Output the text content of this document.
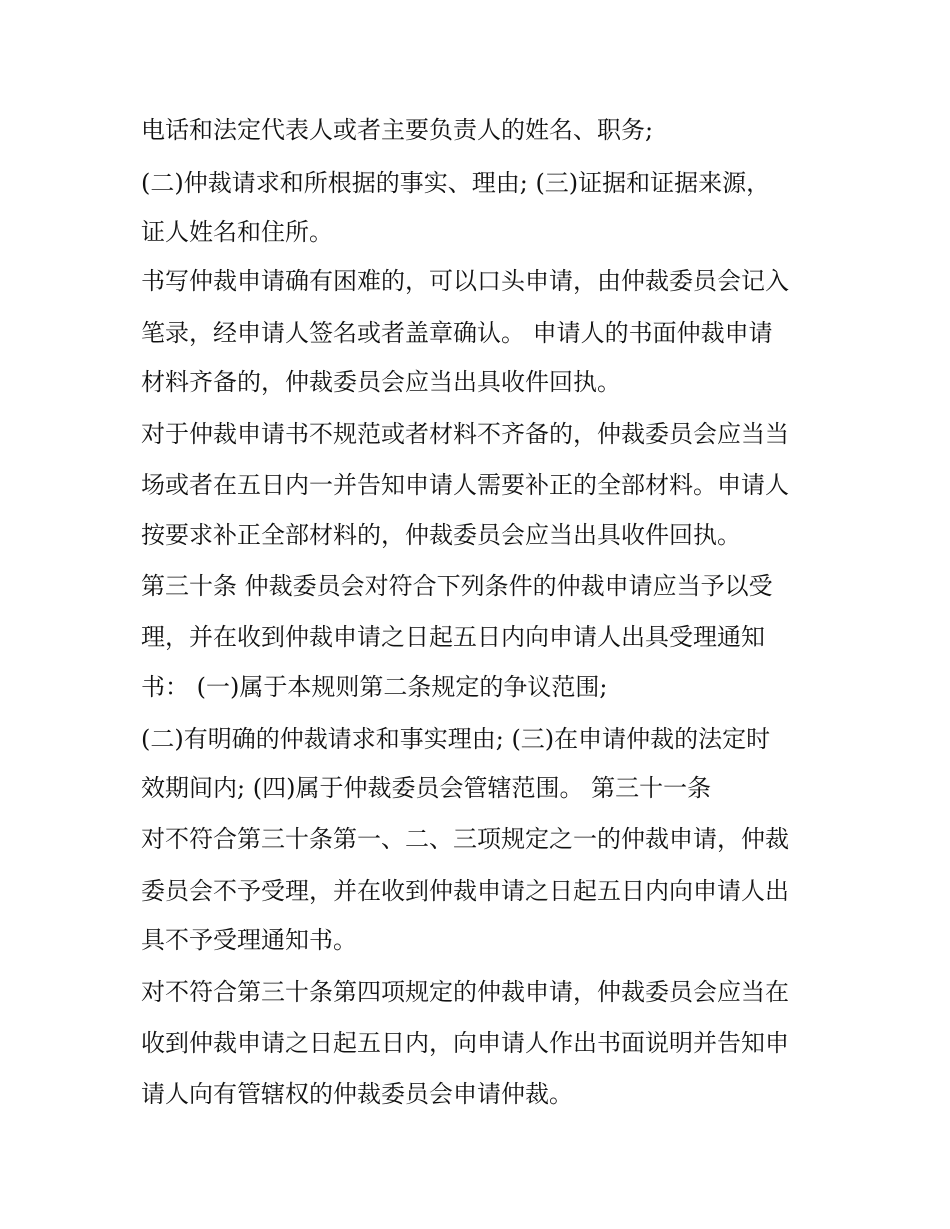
电话和法定代表人或者主要负责人的姓名、职务;
(二)仲裁请求和所根据的事实、理由; (三)证据和证据来源，
证人姓名和住所。
书写仲裁申请确有困难的，可以口头申请，由仲裁委员会记入
笔录，经申请人签名或者盖章确认。 申请人的书面仲裁申请
材料齐备的，仲裁委员会应当出具收件回执。
对于仲裁申请书不规范或者材料不齐备的，仲裁委员会应当当
场或者在五日内一并告知申请人需要补正的全部材料。申请人
按要求补正全部材料的，仲裁委员会应当出具收件回执。
第三十条 仲裁委员会对符合下列条件的仲裁申请应当予以受
理，并在收到仲裁申请之日起五日内向申请人出具受理通知
书： (一)属于本规则第二条规定的争议范围;
(二)有明确的仲裁请求和事实理由; (三)在申请仲裁的法定时
效期间内; (四)属于仲裁委员会管辖范围。 第三十一条
对不符合第三十条第一、二、三项规定之一的仲裁申请，仲裁
委员会不予受理，并在收到仲裁申请之日起五日内向申请人出
具不予受理通知书。
对不符合第三十条第四项规定的仲裁申请，仲裁委员会应当在
收到仲裁申请之日起五日内，向申请人作出书面说明并告知申
请人向有管辖权的仲裁委员会申请仲裁。
